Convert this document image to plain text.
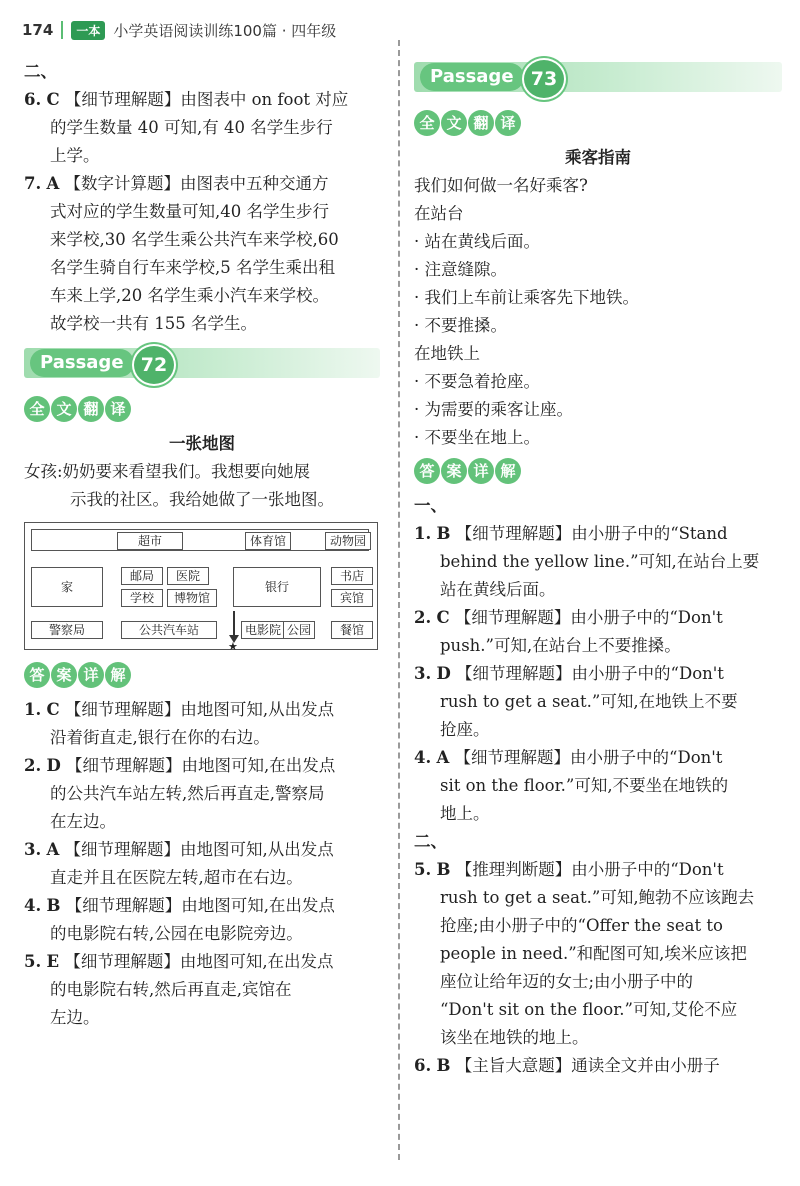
174	一本 小学英语阅读训练100篇 · 四年级
二、
6. C 【细节理解题】由图表中 on foot 对应
的学生数量 40 可知,有 40 名学生步行
上学。
7. A 【数字计算题】由图表中五种交通方
式对应的学生数量可知,40 名学生步行
来学校,30 名学生乘公共汽车来学校,60
名学生骑自行车来学校,5 名学生乘出租
车来上学,20 名学生乘小汽车来学校。
故学校一共有 155 名学生。
Passage 72
全 文 翻 译
一张地图
女孩:奶奶要来看望我们。我想要向她展
示我的社区。我给她做了一张地图。
超市	体育馆	动物园
家
邮局	医院
学校	博物馆
银行
书店
宾馆
警察局	公共汽车站
★
电影院 公园	餐馆
答 案 详 解
1. C 【细节理解题】由地图可知,从出发点
沿着街直走,银行在你的右边。
2. D 【细节理解题】由地图可知,在出发点
的公共汽车站左转,然后再直走,警察局
在左边。
3. A 【细节理解题】由地图可知,从出发点
直走并且在医院左转,超市在右边。
4. B 【细节理解题】由地图可知,在出发点
的电影院右转,公园在电影院旁边。
5. E 【细节理解题】由地图可知,在出发点
的电影院右转,然后再直走,宾馆在
左边。
Passage 73
全 文 翻 译
乘客指南
我们如何做一名好乘客?
在站台
· 站在黄线后面。
· 注意缝隙。
· 我们上车前让乘客先下地铁。
· 不要推搡。
在地铁上
· 不要急着抢座。
· 为需要的乘客让座。
· 不要坐在地上。
答 案 详 解
一、
1. B 【细节理解题】由小册子中的“Stand
behind the yellow line.”可知,在站台上要
站在黄线后面。
2. C 【细节理解题】由小册子中的“Don't
push.”可知,在站台上不要推搡。
3. D 【细节理解题】由小册子中的“Don't
rush to get a seat.”可知,在地铁上不要
抢座。
4. A 【细节理解题】由小册子中的“Don't
sit on the floor.”可知,不要坐在地铁的
地上。
二、
5. B 【推理判断题】由小册子中的“Don't
rush to get a seat.”可知,鲍勃不应该跑去
抢座;由小册子中的“Offer the seat to
people in need.”和配图可知,埃米应该把
座位让给年迈的女士;由小册子中的
“Don't sit on the floor.”可知,艾伦不应
该坐在地铁的地上。
6. B 【主旨大意题】通读全文并由小册子
